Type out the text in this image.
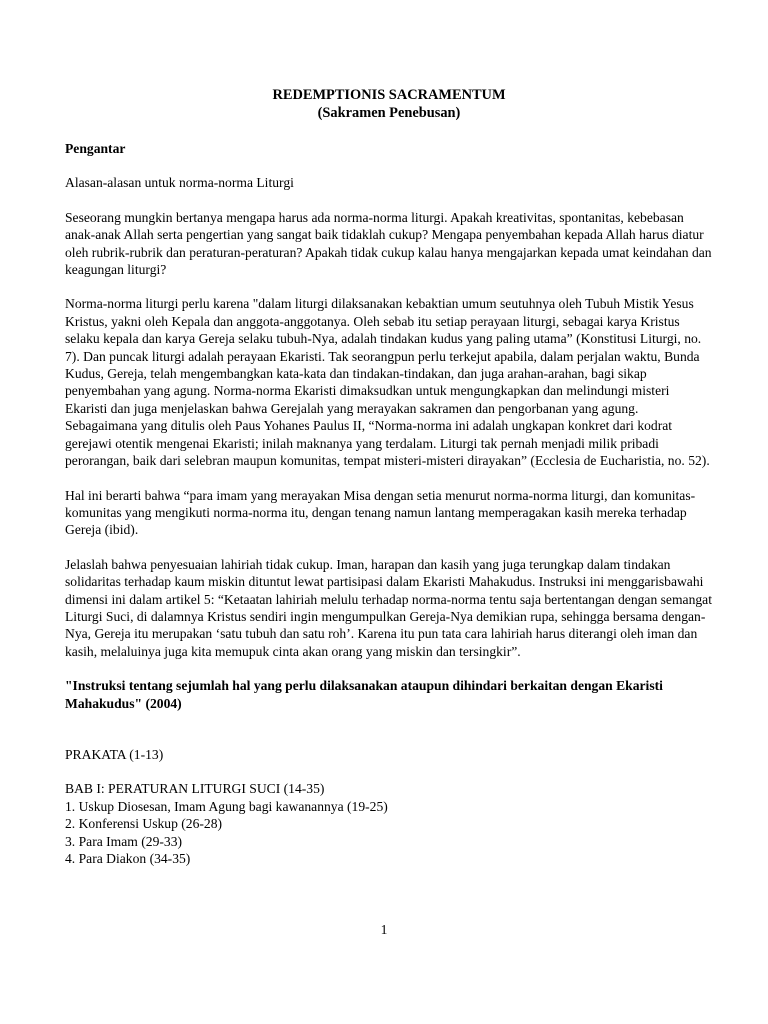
REDEMPTIONIS SACRAMENTUM

(Sakramen Penebusan)

Pengantar

Alasan-alasan untuk norma-norma Liturgi

Seseorang mungkin bertanya mengapa harus ada norma-norma liturgi. Apakah kreativitas, spontanitas, kebebasan anak-anak Allah serta pengertian yang sangat baik tidaklah cukup? Mengapa penyembahan kepada Allah harus diatur oleh rubrik-rubrik dan peraturan-peraturan? Apakah tidak cukup kalau hanya mengajarkan kepada umat keindahan dan keagungan liturgi?

Norma-norma liturgi perlu karena "dalam liturgi dilaksanakan kebaktian umum seutuhnya oleh Tubuh Mistik Yesus Kristus, yakni oleh Kepala dan anggota-anggotanya. Oleh sebab itu setiap perayaan liturgi, sebagai karya Kristus selaku kepala dan karya Gereja selaku tubuh-Nya, adalah tindakan kudus yang paling utama” (Konstitusi Liturgi, no. 7). Dan puncak liturgi adalah perayaan Ekaristi. Tak seorangpun perlu terkejut apabila, dalam perjalan waktu, Bunda Kudus, Gereja, telah mengembangkan kata-kata dan tindakan-tindakan, dan juga arahan-arahan, bagi sikap penyembahan yang agung. Norma-norma Ekaristi dimaksudkan untuk mengungkapkan dan melindungi misteri Ekaristi dan juga menjelaskan bahwa Gerejalah yang merayakan sakramen dan pengorbanan yang agung. Sebagaimana yang ditulis oleh Paus Yohanes Paulus II, “Norma-norma ini adalah ungkapan konkret dari kodrat gerejawi otentik mengenai Ekaristi; inilah maknanya yang terdalam. Liturgi tak pernah menjadi milik pribadi perorangan, baik dari selebran maupun komunitas, tempat misteri-misteri dirayakan” (Ecclesia de Eucharistia, no. 52).

Hal ini berarti bahwa “para imam yang merayakan Misa dengan setia menurut norma-norma liturgi, dan komunitas-komunitas yang mengikuti norma-norma itu, dengan tenang namun lantang memperagakan kasih mereka terhadap Gereja (ibid).

Jelaslah bahwa penyesuaian lahiriah tidak cukup. Iman, harapan dan kasih yang juga terungkap dalam tindakan solidaritas terhadap kaum miskin dituntut lewat partisipasi dalam Ekaristi Mahakudus. Instruksi ini menggarisbawahi dimensi ini dalam artikel 5: “Ketaatan lahiriah melulu terhadap norma-norma tentu saja bertentangan dengan semangat Liturgi Suci, di dalamnya Kristus sendiri ingin mengumpulkan Gereja-Nya demikian rupa, sehingga bersama dengan-Nya, Gereja itu merupakan ‘satu tubuh dan satu roh’. Karena itu pun tata cara lahiriah harus diterangi oleh iman dan kasih, melaluinya juga kita memupuk cinta akan orang yang miskin dan tersingkir”.

"Instruksi tentang sejumlah hal yang perlu dilaksanakan ataupun dihindari berkaitan dengan Ekaristi Mahakudus" (2004)

PRAKATA (1-13)

BAB I: PERATURAN LITURGI SUCI (14-35)

1. Uskup Diosesan, Imam Agung bagi kawanannya (19-25)

2. Konferensi Uskup (26-28)

3. Para Imam (29-33)

4. Para Diakon (34-35)

1
